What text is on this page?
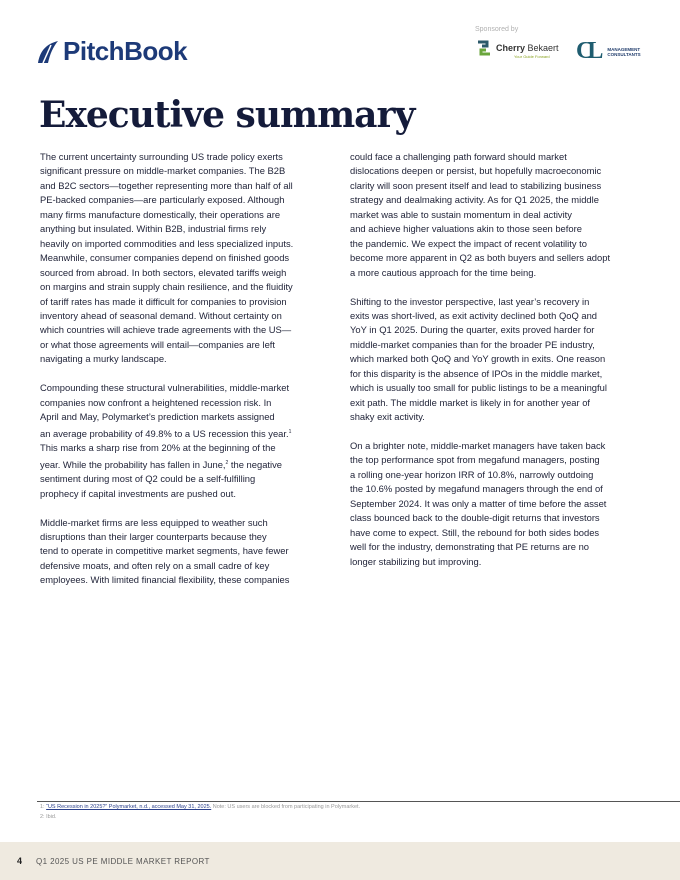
PitchBook
Sponsored by
Cherry Bekaert
Your Guide Forward CL MANAGEMENT
CONSULTANTS
Executive summary
The current uncertainty surrounding US trade policy exerts
significant pressure on middle-market companies. The B2B
and B2C sectors—together representing more than half of all
PE-backed companies—are particularly exposed. Although
many firms manufacture domestically, their operations are
anything but insulated. Within B2B, industrial firms rely
heavily on imported commodities and less specialized inputs.
Meanwhile, consumer companies depend on finished goods
sourced from abroad. In both sectors, elevated tariffs weigh
on margins and strain supply chain resilience, and the fluidity
of tariff rates has made it difficult for companies to provision
inventory ahead of seasonal demand. Without certainty on
which countries will achieve trade agreements with the US—
or what those agreements will entail—companies are left
navigating a murky landscape.
Compounding these structural vulnerabilities, middle-market
companies now confront a heightened recession risk. In
April and May, Polymarket’s prediction markets assigned
an average probability of 49.8% to a US recession this year.$^1$
This marks a sharp rise from 20% at the beginning of the
year. While the probability has fallen in June,$^2$ the negative
sentiment during most of Q2 could be a self-fulfilling
prophecy if capital investments are pushed out.
Middle-market firms are less equipped to weather such
disruptions than their larger counterparts because they
tend to operate in competitive market segments, have fewer
defensive moats, and often rely on a small cadre of key
employees. With limited financial flexibility, these companies
could face a challenging path forward should market
dislocations deepen or persist, but hopefully macroeconomic
clarity will soon present itself and lead to stabilizing business
strategy and dealmaking activity. As for Q1 2025, the middle
market was able to sustain momentum in deal activity
and achieve higher valuations akin to those seen before
the pandemic. We expect the impact of recent volatility to
become more apparent in Q2 as both buyers and sellers adopt
a more cautious approach for the time being.
Shifting to the investor perspective, last year’s recovery in
exits was short-lived, as exit activity declined both QoQ and
YoY in Q1 2025. During the quarter, exits proved harder for
middle-market companies than for the broader PE industry,
which marked both QoQ and YoY growth in exits. One reason
for this disparity is the absence of IPOs in the middle market,
which is usually too small for public listings to be a meaningful
exit path. The middle market is likely in for another year of
shaky exit activity.
On a brighter note, middle-market managers have taken back
the top performance spot from megafund managers, posting
a rolling one-year horizon IRR of 10.8%, narrowly outdoing
the 10.6% posted by megafund managers through the end of
September 2024. It was only a matter of time before the asset
class bounced back to the double-digit returns that investors
have come to expect. Still, the rebound for both sides bodes
well for the industry, demonstrating that PE returns are no
longer stabilizing but improving.
1: “US Recession in 2025?” Polymarket, n.d., accessed May 31, 2025. Note: US users are blocked from participating in Polymarket.
2: Ibid.
4 Q1 2025 US PE MIDDLE MARKET REPORT
